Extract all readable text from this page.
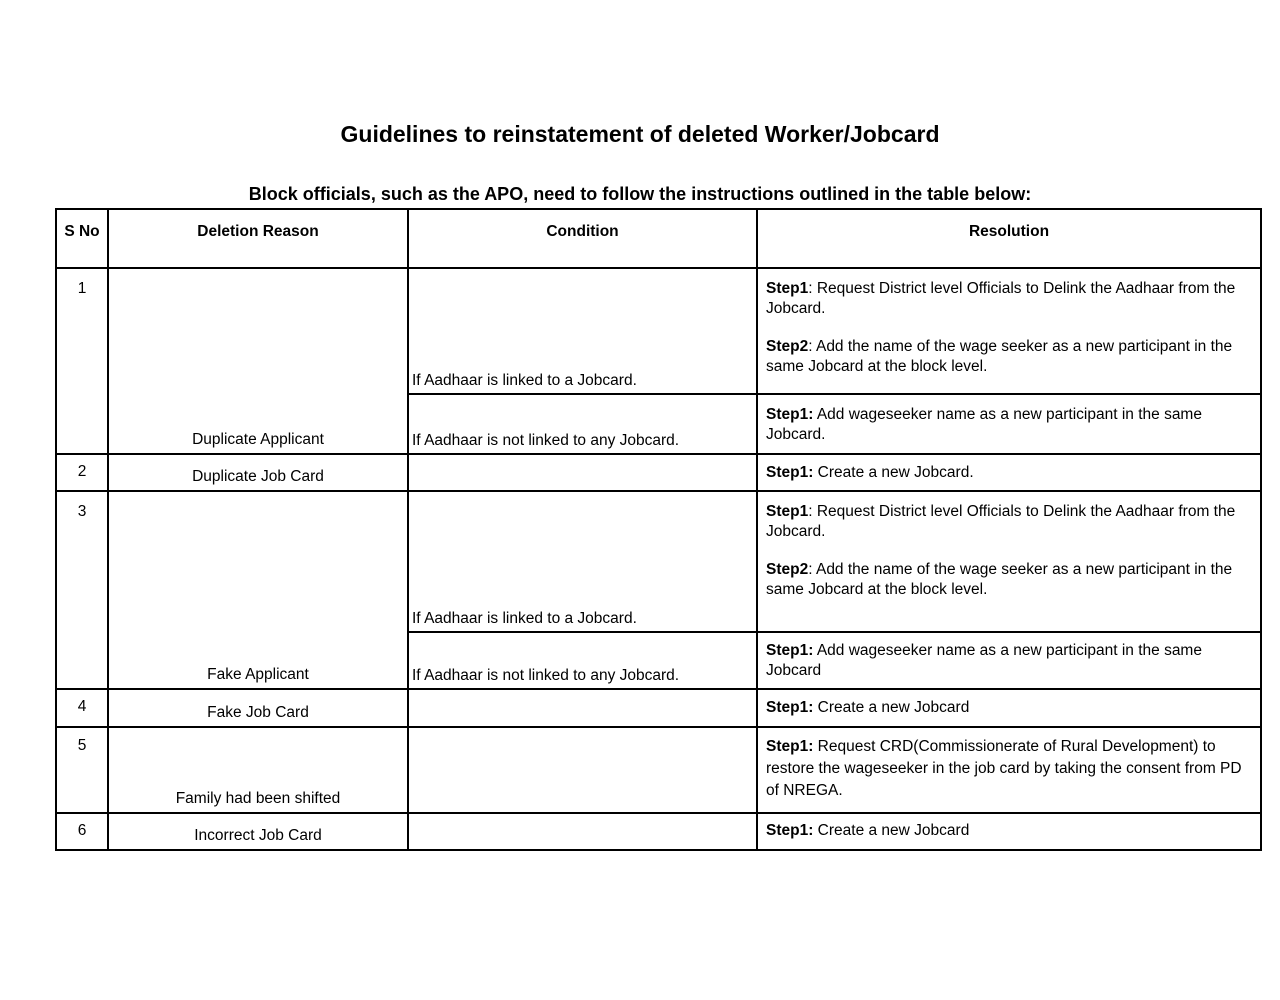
Guidelines to reinstatement of deleted Worker/Jobcard
Block officials, such as the APO, need to follow the instructions outlined in the table below:
S No	Deletion Reason	Condition	Resolution
1	Duplicate Applicant	If Aadhaar is linked to a Jobcard.	Step1: Request District level Officials to Delink the Aadhaar from the Jobcard.

Step2: Add the name of the wage seeker as a new participant in the same Jobcard at the block level.

		If Aadhaar is not linked to any Jobcard.	Step1: Add wageseeker name as a new participant in the same Jobcard.

2	Duplicate Job Card		Step1: Create a new Jobcard.

3	Fake Applicant	If Aadhaar is linked to a Jobcard.	Step1: Request District level Officials to Delink the Aadhaar from the Jobcard.

Step2: Add the name of the wage seeker as a new participant in the same Jobcard at the block level.

		If Aadhaar is not linked to any Jobcard.	Step1: Add wageseeker name as a new participant in the same Jobcard

4	Fake Job Card		Step1: Create a new Jobcard

5	Family had been shifted		Step1: Request CRD(Commissionerate of Rural Development) to restore the wageseeker in the job card by taking the consent from PD of NREGA.

6	Incorrect Job Card		Step1: Create a new Jobcard
